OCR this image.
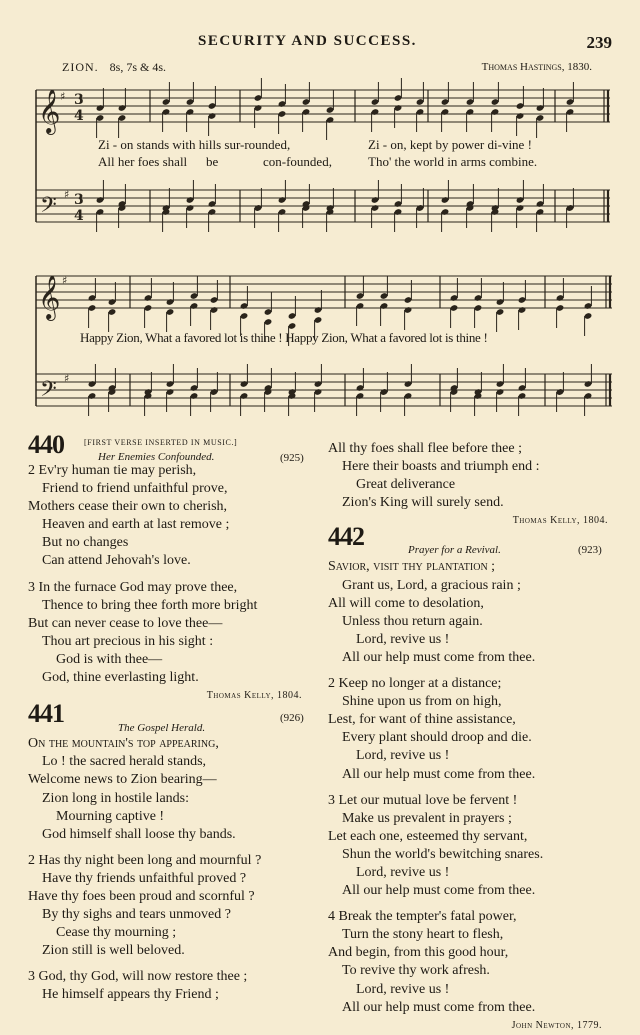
SECURITY AND SUCCESS.	239
ZION. 8s, 7s & 4s.	Thomas Hastings, 1830.
𝄞
𝄢
𝄞
𝄢
♯
♯
♯
♯
3
4
3
4
Zi - on stands with hills sur-rounded,	Zi - on, kept by power di-vine !
All her foes shall be	con-founded,	Tho' the world in arms combine.
Happy Zion, What a favored lot is thine ! Happy Zion, What a favored lot is thine !
440	[FIRST VERSE INSERTED IN MUSIC.]
Her Enemies Confounded.	(925)
2 Ev'ry human tie may perish,
Friend to friend unfaithful prove,
Mothers cease their own to cherish,
Heaven and earth at last remove ;
But no changes
Can attend Jehovah's love.
3 In the furnace God may prove thee,
Thence to bring thee forth more bright
But can never cease to love thee—
Thou art precious in his sight :
God is with thee—
God, thine everlasting light.
Thomas Kelly, 1804.
441	The Gospel Herald.
(926)
On the mountain's top appearing,
Lo ! the sacred herald stands,
Welcome news to Zion bearing—
Zion long in hostile lands:
Mourning captive !
God himself shall loose thy bands.
2 Has thy night been long and mournful ?
Have thy friends unfaithful proved ?
Have thy foes been proud and scornful ?
By thy sighs and tears unmoved ?
Cease thy mourning ;
Zion still is well beloved.
3 God, thy God, will now restore thee ;
He himself appears thy Friend ;
All thy foes shall flee before thee ;
Here their boasts and triumph end :
Great deliverance
Zion's King will surely send.
Thomas Kelly, 1804.
442	Prayer for a Revival.	(923)
Savior, visit thy plantation ;
Grant us, Lord, a gracious rain ;
All will come to desolation,
Unless thou return again.
Lord, revive us !
All our help must come from thee.
2 Keep no longer at a distance;
Shine upon us from on high,
Lest, for want of thine assistance,
Every plant should droop and die.
Lord, revive us !
All our help must come from thee.
3 Let our mutual love be fervent !
Make us prevalent in prayers ;
Let each one, esteemed thy servant,
Shun the world's bewitching snares.
Lord, revive us !
All our help must come from thee.
4 Break the tempter's fatal power,
Turn the stony heart to flesh,
And begin, from this good hour,
To revive thy work afresh.
Lord, revive us !
All our help must come from thee.
John Newton, 1779.
